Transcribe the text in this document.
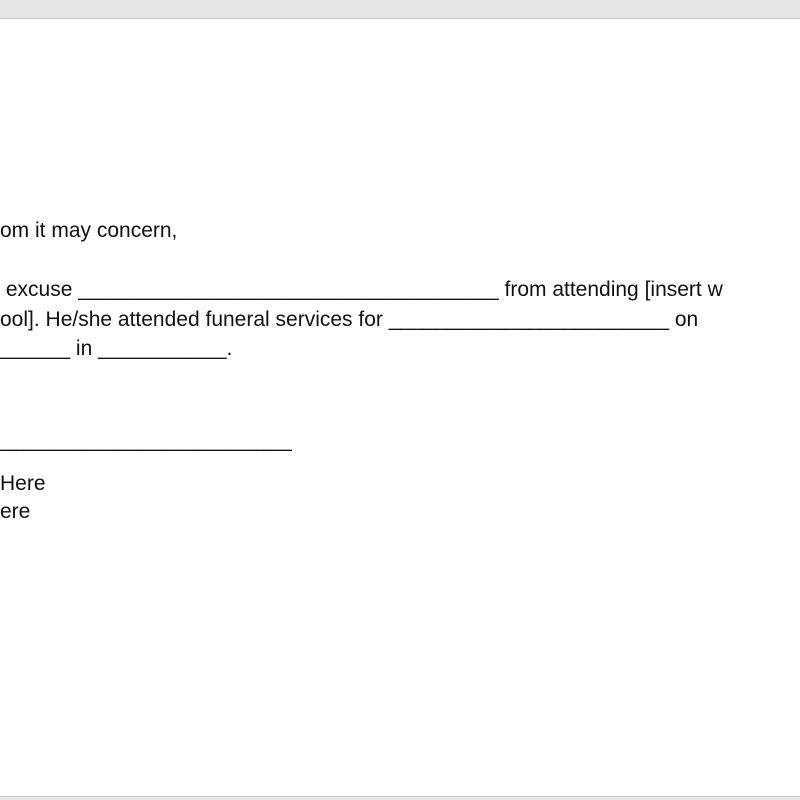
om it may concern,
excuse ____________________________________ from attending [insert w
ool]. He/she attended funeral services for ________________________ on
______ in ___________.
_________________________
Here
ere
